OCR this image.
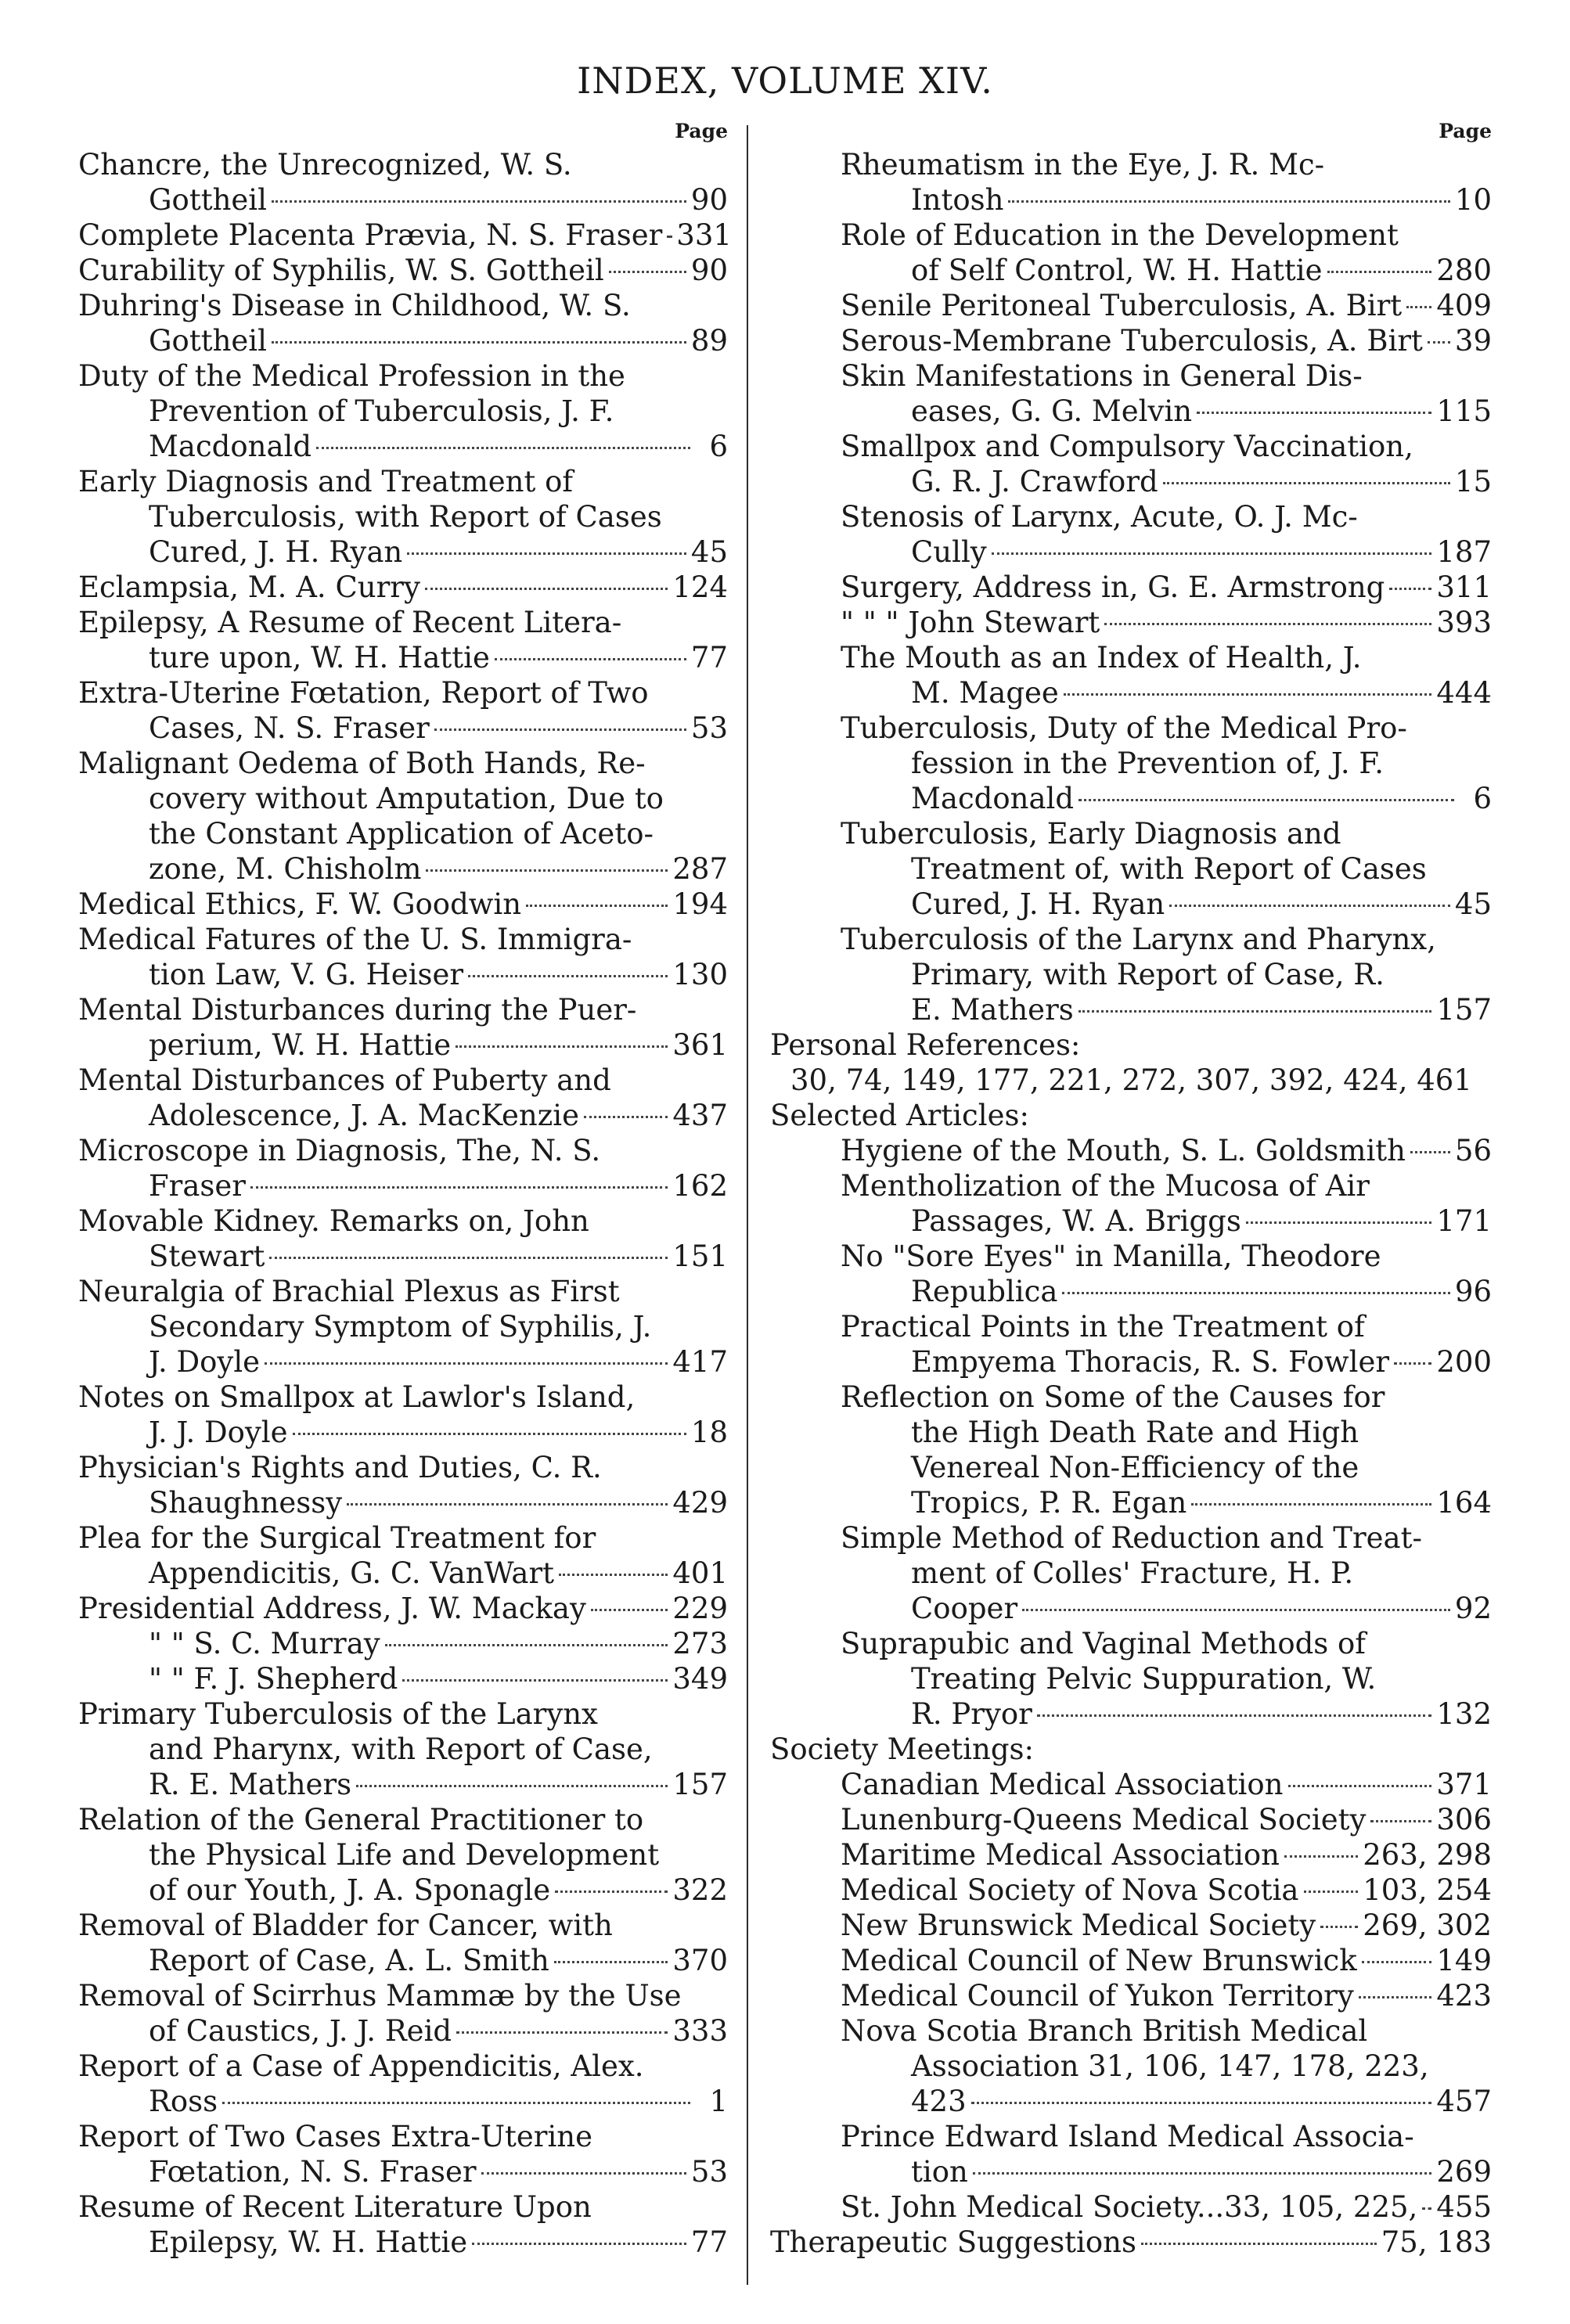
INDEX, VOLUME XIV.
Page
Chancre, the Unrecognized, W. S.
Gottheil	90
Complete Placenta Prævia, N. S. Fraser 331
Curability of Syphilis, W. S. Gottheil	90
Duhring's Disease in Childhood, W. S.
Gottheil	89
Duty of the Medical Profession in the
Prevention of Tuberculosis, J. F.
Macdonald	6
Early Diagnosis and Treatment of
Tuberculosis, with Report of Cases
Cured, J. H. Ryan	45
Eclampsia, M. A. Curry	124
Epilepsy, A Resume of Recent Litera-
ture upon, W. H. Hattie	77
Extra-Uterine Fœtation, Report of Two
Cases, N. S. Fraser	53
Malignant Oedema of Both Hands, Re-
covery without Amputation, Due to
the Constant Application of Aceto-
zone, M. Chisholm	287
Medical Ethics, F. W. Goodwin	194
Medical Fatures of the U. S. Immigra-
tion Law, V. G. Heiser	130
Mental Disturbances during the Puer-
perium, W. H. Hattie	361
Mental Disturbances of Puberty and
Adolescence, J. A. MacKenzie	437
Microscope in Diagnosis, The, N. S.
Fraser	162
Movable Kidney. Remarks on, John
Stewart	151
Neuralgia of Brachial Plexus as First
Secondary Symptom of Syphilis, J.
J. Doyle	417
Notes on Smallpox at Lawlor's Island,
J. J. Doyle	18
Physician's Rights and Duties, C. R.
Shaughnessy	429
Plea for the Surgical Treatment for
Appendicitis, G. C. VanWart	401
Presidential Address, J. W. Mackay	229
" " S. C. Murray	273
" " F. J. Shepherd	349
Primary Tuberculosis of the Larynx
and Pharynx, with Report of Case,
R. E. Mathers	157
Relation of the General Practitioner to
the Physical Life and Development
of our Youth, J. A. Sponagle	322
Removal of Bladder for Cancer, with
Report of Case, A. L. Smith	370
Removal of Scirrhus Mammæ by the Use
of Caustics, J. J. Reid	333
Report of a Case of Appendicitis, Alex.
Ross	1
Report of Two Cases Extra-Uterine
Fœtation, N. S. Fraser	53
Resume of Recent Literature Upon
Epilepsy, W. H. Hattie	77
Page
Rheumatism in the Eye, J. R. Mc-
Intosh	10
Role of Education in the Development
of Self Control, W. H. Hattie	280
Senile Peritoneal Tuberculosis, A. Birt 409
Serous-Membrane Tuberculosis, A. Birt 39
Skin Manifestations in General Dis-
eases, G. G. Melvin	115
Smallpox and Compulsory Vaccination,
G. R. J. Crawford	15
Stenosis of Larynx, Acute, O. J. Mc-
Cully	187
Surgery, Address in, G. E. Armstrong 311
" " " John Stewart	393
The Mouth as an Index of Health, J.
M. Magee	444
Tuberculosis, Duty of the Medical Pro-
fession in the Prevention of, J. F.
Macdonald	6
Tuberculosis, Early Diagnosis and
Treatment of, with Report of Cases
Cured, J. H. Ryan	45
Tuberculosis of the Larynx and Pharynx,
Primary, with Report of Case, R.
E. Mathers	157
Personal References:
30, 74, 149, 177, 221, 272, 307, 392, 424, 461
Selected Articles:
Hygiene of the Mouth, S. L. Goldsmith 56
Mentholization of the Mucosa of Air
Passages, W. A. Briggs	171
No "Sore Eyes" in Manilla, Theodore
Republica	96
Practical Points in the Treatment of
Empyema Thoracis, R. S. Fowler 200
Reflection on Some of the Causes for
the High Death Rate and High
Venereal Non-Efficiency of the
Tropics, P. R. Egan	164
Simple Method of Reduction and Treat-
ment of Colles' Fracture, H. P.
Cooper	92
Suprapubic and Vaginal Methods of
Treating Pelvic Suppuration, W.
R. Pryor	132
Society Meetings:
Canadian Medical Association	371
Lunenburg-Queens Medical Society 306
Maritime Medical Association	263, 298
Medical Society of Nova Scotia 103, 254
New Brunswick Medical Society 269, 302
Medical Council of New Brunswick	149
Medical Council of Yukon Territory	423
Nova Scotia Branch British Medical
Association 31, 106, 147, 178, 223,
423	457
Prince Edward Island Medical Associa-
tion	269
St. John Medical Society...33, 105, 225, 455
Therapeutic Suggestions	75, 183
